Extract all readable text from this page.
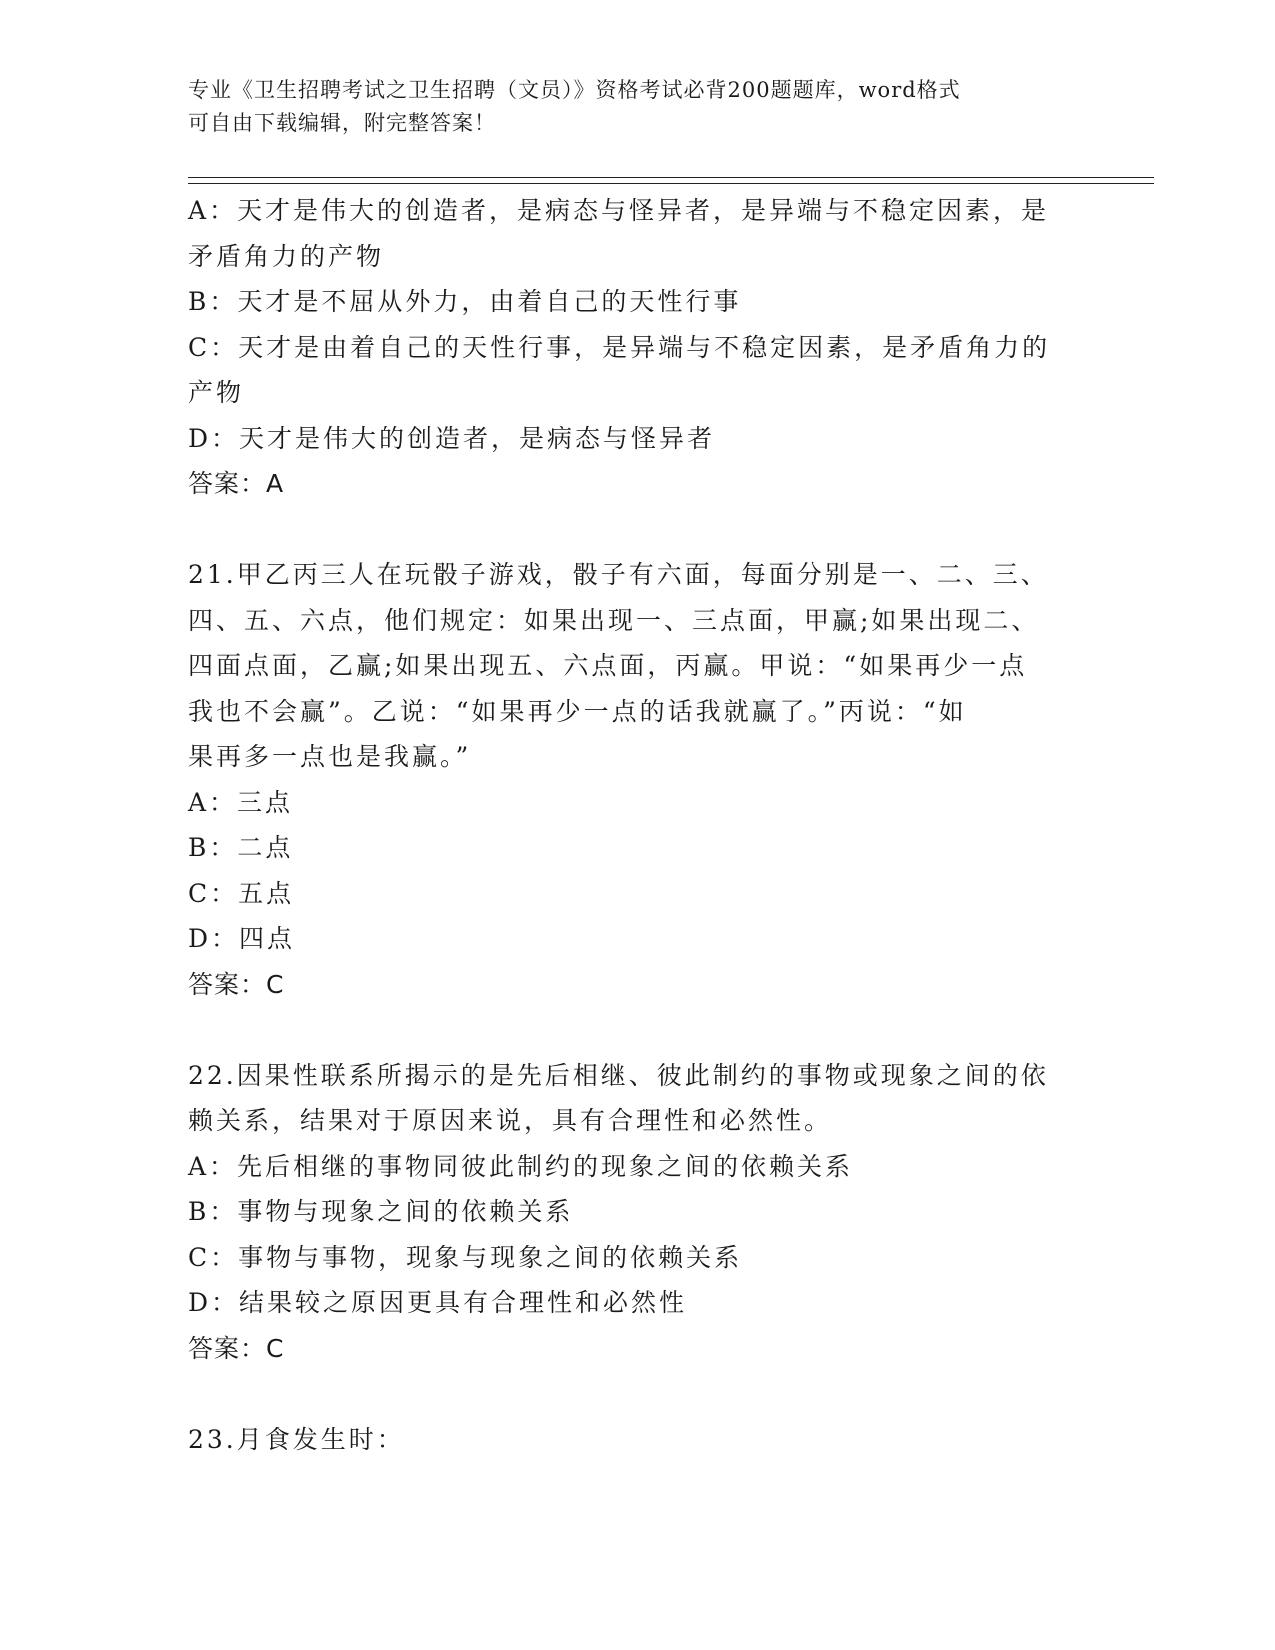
专业《卫生招聘考试之卫生招聘（文员）》资格考试必背200题题库，word格式
可自由下载编辑，附完整答案！
A：天才是伟大的创造者，是病态与怪异者，是异端与不稳定因素，是
矛盾角力的产物
B：天才是不屈从外力，由着自己的天性行事
C：天才是由着自己的天性行事，是异端与不稳定因素，是矛盾角力的
产物
D：天才是伟大的创造者，是病态与怪异者
答案：A
21.甲乙丙三人在玩骰子游戏，骰子有六面，每面分别是一、二、三、
四、五、六点，他们规定：如果出现一、三点面，甲赢;如果出现二、
四面点面，乙赢;如果出现五、六点面，丙赢。甲说：“如果再少一点
我也不会赢”。乙说：“如果再少一点的话我就赢了。”丙说：“如
果再多一点也是我赢。”
A：三点
B：二点
C：五点
D：四点
答案：C
22.因果性联系所揭示的是先后相继、彼此制约的事物或现象之间的依
赖关系，结果对于原因来说，具有合理性和必然性。
A：先后相继的事物同彼此制约的现象之间的依赖关系
B：事物与现象之间的依赖关系
C：事物与事物，现象与现象之间的依赖关系
D：结果较之原因更具有合理性和必然性
答案：C
23.月食发生时：
